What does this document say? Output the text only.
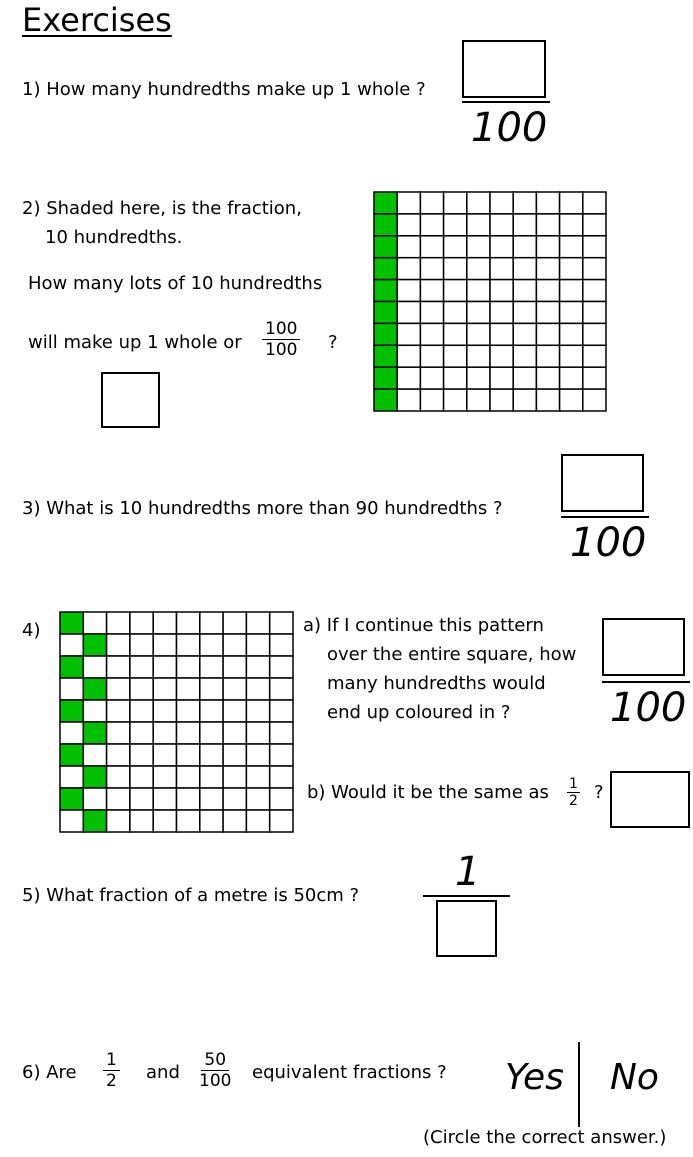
Exercises
1) How many hundredths make up 1 whole ?
100
2) Shaded here, is the fraction,
10 hundredths.
How many lots of 10 hundredths
will make up 1 whole or $\frac{100}{100}$ ?
3) What is 10 hundredths more than 90 hundredths ?
100
4)	a) If I continue this pattern
over the entire square, how
many hundredths would
end up coloured in ? 100
b) Would it be the same as $\frac{1}{2}$ ?
5) What fraction of a metre is 50cm ?
1
6) Are $\frac{1}{2}$ and $\frac{50}{100}$ equivalent fractions ? Yes No
(Circle the correct answer.)
